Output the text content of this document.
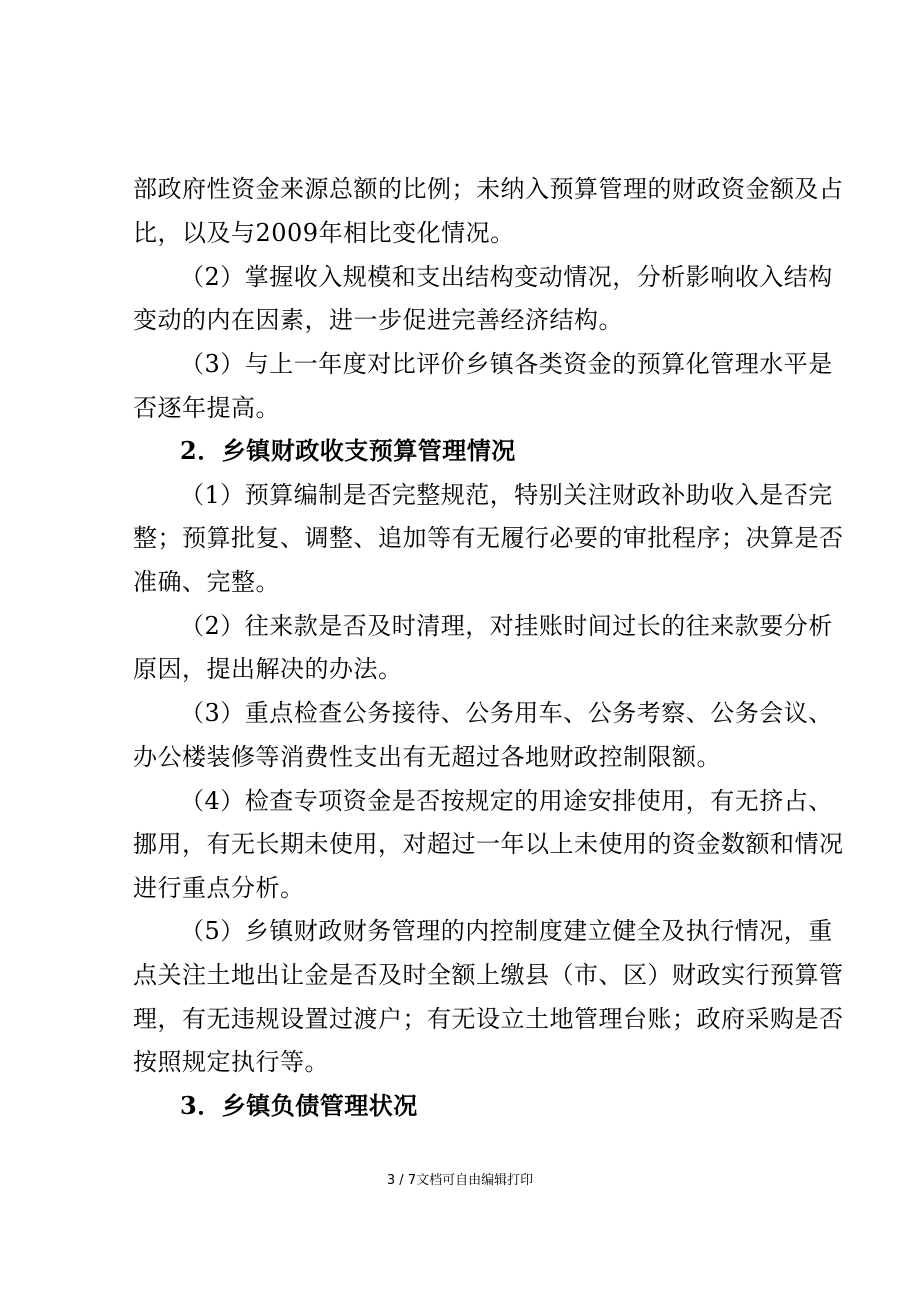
部政府性资金来源总额的比例；未纳入预算管理的财政资金额及占
比，以及与2009年相比变化情况。
（2）掌握收入规模和支出结构变动情况，分析影响收入结构
变动的内在因素，进一步促进完善经济结构。
（3）与上一年度对比评价乡镇各类资金的预算化管理水平是
否逐年提高。
2．乡镇财政收支预算管理情况
（1）预算编制是否完整规范，特别关注财政补助收入是否完
整；预算批复、调整、追加等有无履行必要的审批程序；决算是否
准确、完整。
（2）往来款是否及时清理，对挂账时间过长的往来款要分析
原因，提出解决的办法。
（3）重点检查公务接待、公务用车、公务考察、公务会议、
办公楼装修等消费性支出有无超过各地财政控制限额。
（4）检查专项资金是否按规定的用途安排使用，有无挤占、
挪用，有无长期未使用，对超过一年以上未使用的资金数额和情况
进行重点分析。
（5）乡镇财政财务管理的内控制度建立健全及执行情况，重
点关注土地出让金是否及时全额上缴县（市、区）财政实行预算管
理，有无违规设置过渡户；有无设立土地管理台账；政府采购是否
按照规定执行等。
3．乡镇负债管理状况
3 / 7文档可自由编辑打印
